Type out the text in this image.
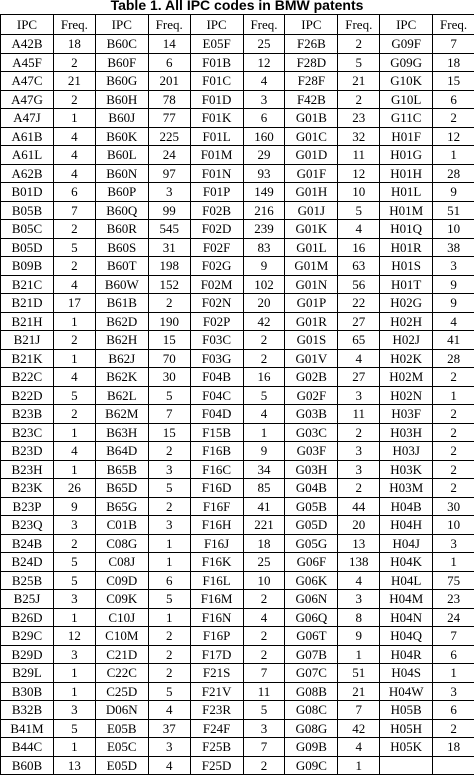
Table 1. All IPC codes in BMW patents
IPC	Freq.	IPC	Freq.	IPC	Freq.	IPC	Freq.	IPC	Freq.
A42B	18	B60C	14	E05F	25	F26B	2	G09F	7
A45F	2	B60F	6	F01B	12	F28D	5	G09G	18
A47C	21	B60G	201	F01C	4	F28F	21	G10K	15
A47G	2	B60H	78	F01D	3	F42B	2	G10L	6
A47J	1	B60J	77	F01K	6	G01B	23	G11C	2
A61B	4	B60K	225	F01L	160	G01C	32	H01F	12
A61L	4	B60L	24	F01M	29	G01D	11	H01G	1
A62B	4	B60N	97	F01N	93	G01F	12	H01H	28
B01D	6	B60P	3	F01P	149	G01H	10	H01L	9
B05B	7	B60Q	99	F02B	216	G01J	5	H01M	51
B05C	2	B60R	545	F02D	239	G01K	4	H01Q	10
B05D	5	B60S	31	F02F	83	G01L	16	H01R	38
B09B	2	B60T	198	F02G	9	G01M	63	H01S	3
B21C	4	B60W	152	F02M	102	G01N	56	H01T	9
B21D	17	B61B	2	F02N	20	G01P	22	H02G	9
B21H	1	B62D	190	F02P	42	G01R	27	H02H	4
B21J	2	B62H	15	F03C	2	G01S	65	H02J	41
B21K	1	B62J	70	F03G	2	G01V	4	H02K	28
B22C	4	B62K	30	F04B	16	G02B	27	H02M	2
B22D	5	B62L	5	F04C	5	G02F	3	H02N	1
B23B	2	B62M	7	F04D	4	G03B	11	H03F	2
B23C	1	B63H	15	F15B	1	G03C	2	H03H	2
B23D	4	B64D	2	F16B	9	G03F	3	H03J	2
B23H	1	B65B	3	F16C	34	G03H	3	H03K	2
B23K	26	B65D	5	F16D	85	G04B	2	H03M	2
B23P	9	B65G	2	F16F	41	G05B	44	H04B	30
B23Q	3	C01B	3	F16H	221	G05D	20	H04H	10
B24B	2	C08G	1	F16J	18	G05G	13	H04J	3
B24D	5	C08J	1	F16K	25	G06F	138	H04K	1
B25B	5	C09D	6	F16L	10	G06K	4	H04L	75
B25J	3	C09K	5	F16M	2	G06N	3	H04M	23
B26D	1	C10J	1	F16N	4	G06Q	8	H04N	24
B29C	12	C10M	2	F16P	2	G06T	9	H04Q	7
B29D	3	C21D	2	F17D	2	G07B	1	H04R	6
B29L	1	C22C	2	F21S	7	G07C	51	H04S	1
B30B	1	C25D	5	F21V	11	G08B	21	H04W	3
B32B	3	D06N	4	F23R	5	G08C	7	H05B	6
B41M	5	E05B	37	F24F	3	G08G	42	H05H	2
B44C	1	E05C	3	F25B	7	G09B	4	H05K	18
B60B	13	E05D	4	F25D	2	G09C	1		
